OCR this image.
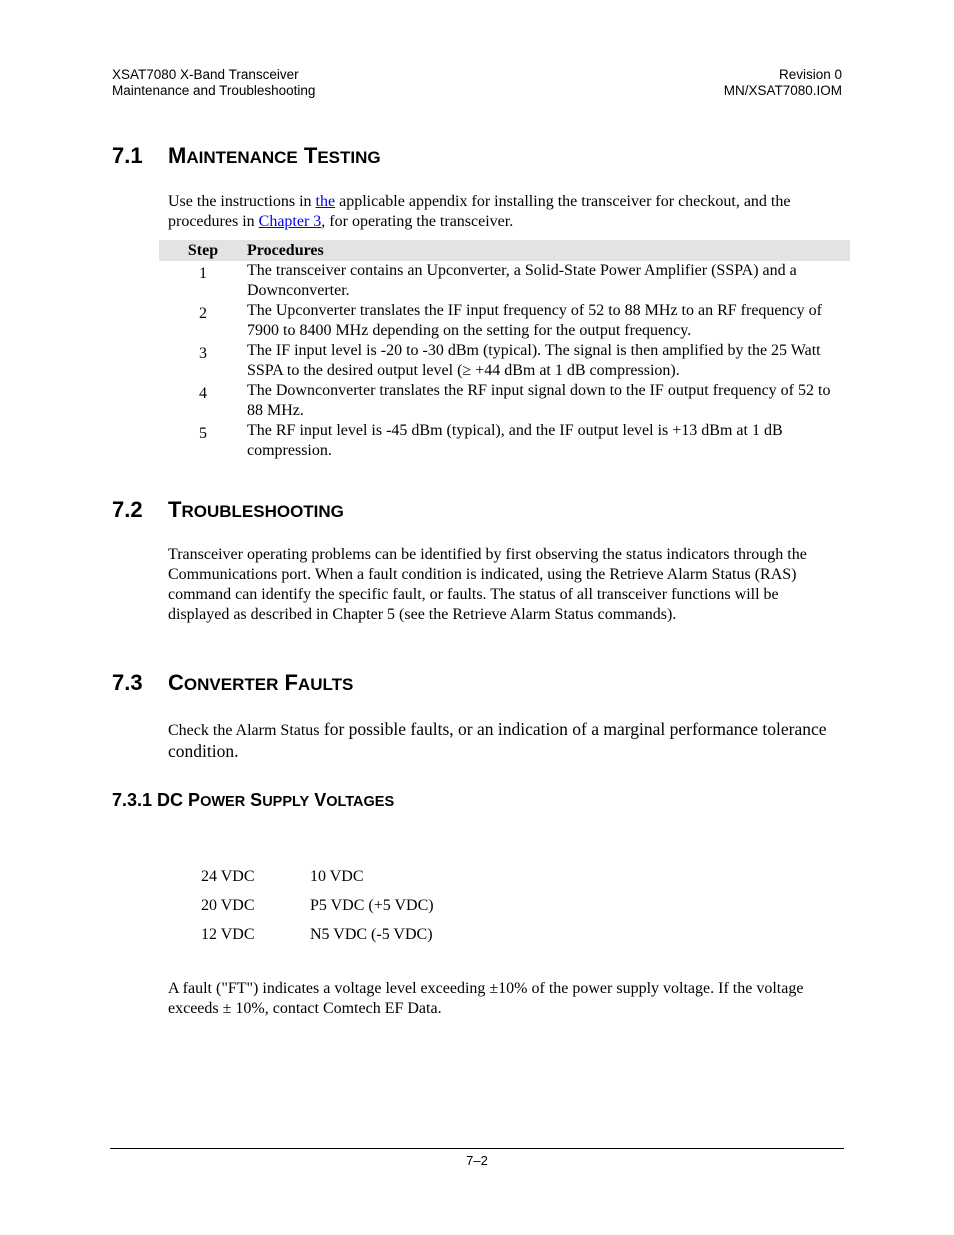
XSAT7080 X-Band Transceiver
Maintenance and Troubleshooting
Revision 0
MN/XSAT7080.IOM
7.1 MAINTENANCE TESTING

Use the instructions in the applicable appendix for installing the transceiver for checkout, and the procedures in Chapter 3, for operating the transceiver.

Step	Procedures
1	The transceiver contains an Upconverter, a Solid-State Power Amplifier (SSPA) and a Downconverter.
2	The Upconverter translates the IF input frequency of 52 to 88 MHz to an RF frequency of 7900 to 8400 MHz depending on the setting for the output frequency.
3	The IF input level is -20 to -30 dBm (typical). The signal is then amplified by the 25 Watt SSPA to the desired output level (≥ +44 dBm at 1 dB compression).
4	The Downconverter translates the RF input signal down to the IF output frequency of 52 to 88 MHz.
5	The RF input level is -45 dBm (typical), and the IF output level is +13 dBm at 1 dB compression.
7.2 TROUBLESHOOTING

Transceiver operating problems can be identified by first observing the status indicators through the Communications port. When a fault condition is indicated, using the Retrieve Alarm Status (RAS) command can identify the specific fault, or faults. The status of all transceiver functions will be displayed as described in Chapter 5 (see the Retrieve Alarm Status commands).

7.3 CONVERTER FAULTS

Check the Alarm Status for possible faults, or an indication of a marginal performance tolerance condition.

7.3.1 DC POWER SUPPLY VOLTAGES
24 VDC	10 VDC
20 VDC	P5 VDC (+5 VDC)
12 VDC	N5 VDC (-5 VDC)

A fault ("FT") indicates a voltage level exceeding ±10% of the power supply voltage. If the voltage exceeds ± 10%, contact Comtech EF Data.

7–2
